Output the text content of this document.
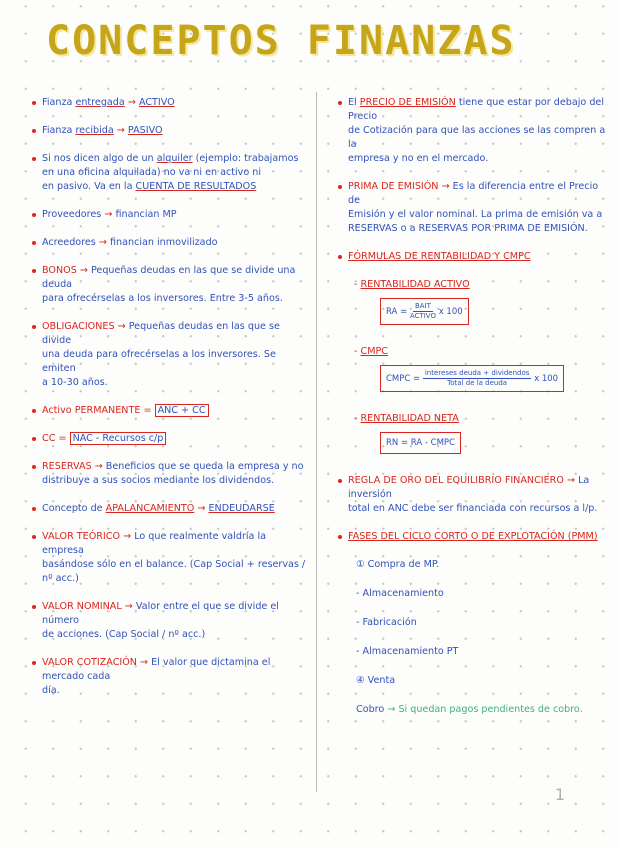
CONCEPTOS FINANZAS
Fianza entregada → ACTIVO
Fianza recibida → PASIVO
Si nos dicen algo de un alquiler (ejemplo: trabajamos
en una oficina alquilada) no va ni en activo ni
en pasivo. Va en la CUENTA DE RESULTADOS
Proveedores → financian MP
Acreedores → financian inmovilizado
BONOS → Pequeñas deudas en las que se divide una deuda
para ofrecérselas a los inversores. Entre 3-5 años.
OBLIGACIONES → Pequeñas deudas en las que se divide
una deuda para ofrecérselas a los inversores. Se emiten
a 10-30 años.
Activo PERMANENTE = ANC + CC
CC = NAC - Recursos c/p
RESERVAS → Beneficios que se queda la empresa y no
distribuye a sus socios mediante los dividendos.
Concepto de APALANCAMIENTO → ENDEUDARSE
VALOR TEÓRICO → Lo que realmente valdría la empresa
basándose sólo en el balance. (Cap Social + reservas / nº acc.)
VALOR NOMINAL → Valor entre el que se divide el número
de acciones. (Cap Social / nº acc.)
VALOR COTIZACIÓN → El valor que dictamina el mercado cada
día.
El PRECIO DE EMISIÓN tiene que estar por debajo del Precio
de Cotización para que las acciones se las compren a la
empresa y no en el mercado.
PRIMA DE EMISIÓN → Es la diferencia entre el Precio de
Emisión y el valor nominal. La prima de emisión va a
RESERVAS o a RESERVAS POR PRIMA DE EMISIÓN.
FÓRMULAS DE RENTABILIDAD Y CMPC
- RENTABILIDAD ACTIVO
RA = $\frac{\text{BAIT}}{\text{ACTIVO}}$ x 100
- CMPC
CMPC = $\frac{\text{intereses deuda + dividendos}}{\text{Total de la deuda}}$ x 100
- RENTABILIDAD NETA
RN = RA - CMPC
REGLA DE ORO DEL EQUILIBRIO FINANCIERO → La inversión
total en ANC debe ser financiada con recursos a l/p.
FASES DEL CICLO CORTO O DE EXPLOTACIÓN (PMM)
① Compra de MP.
- Almacenamiento
- Fabricación
- Almacenamiento PT
④ Venta
Cobro → Si quedan pagos pendientes de cobro.
1
